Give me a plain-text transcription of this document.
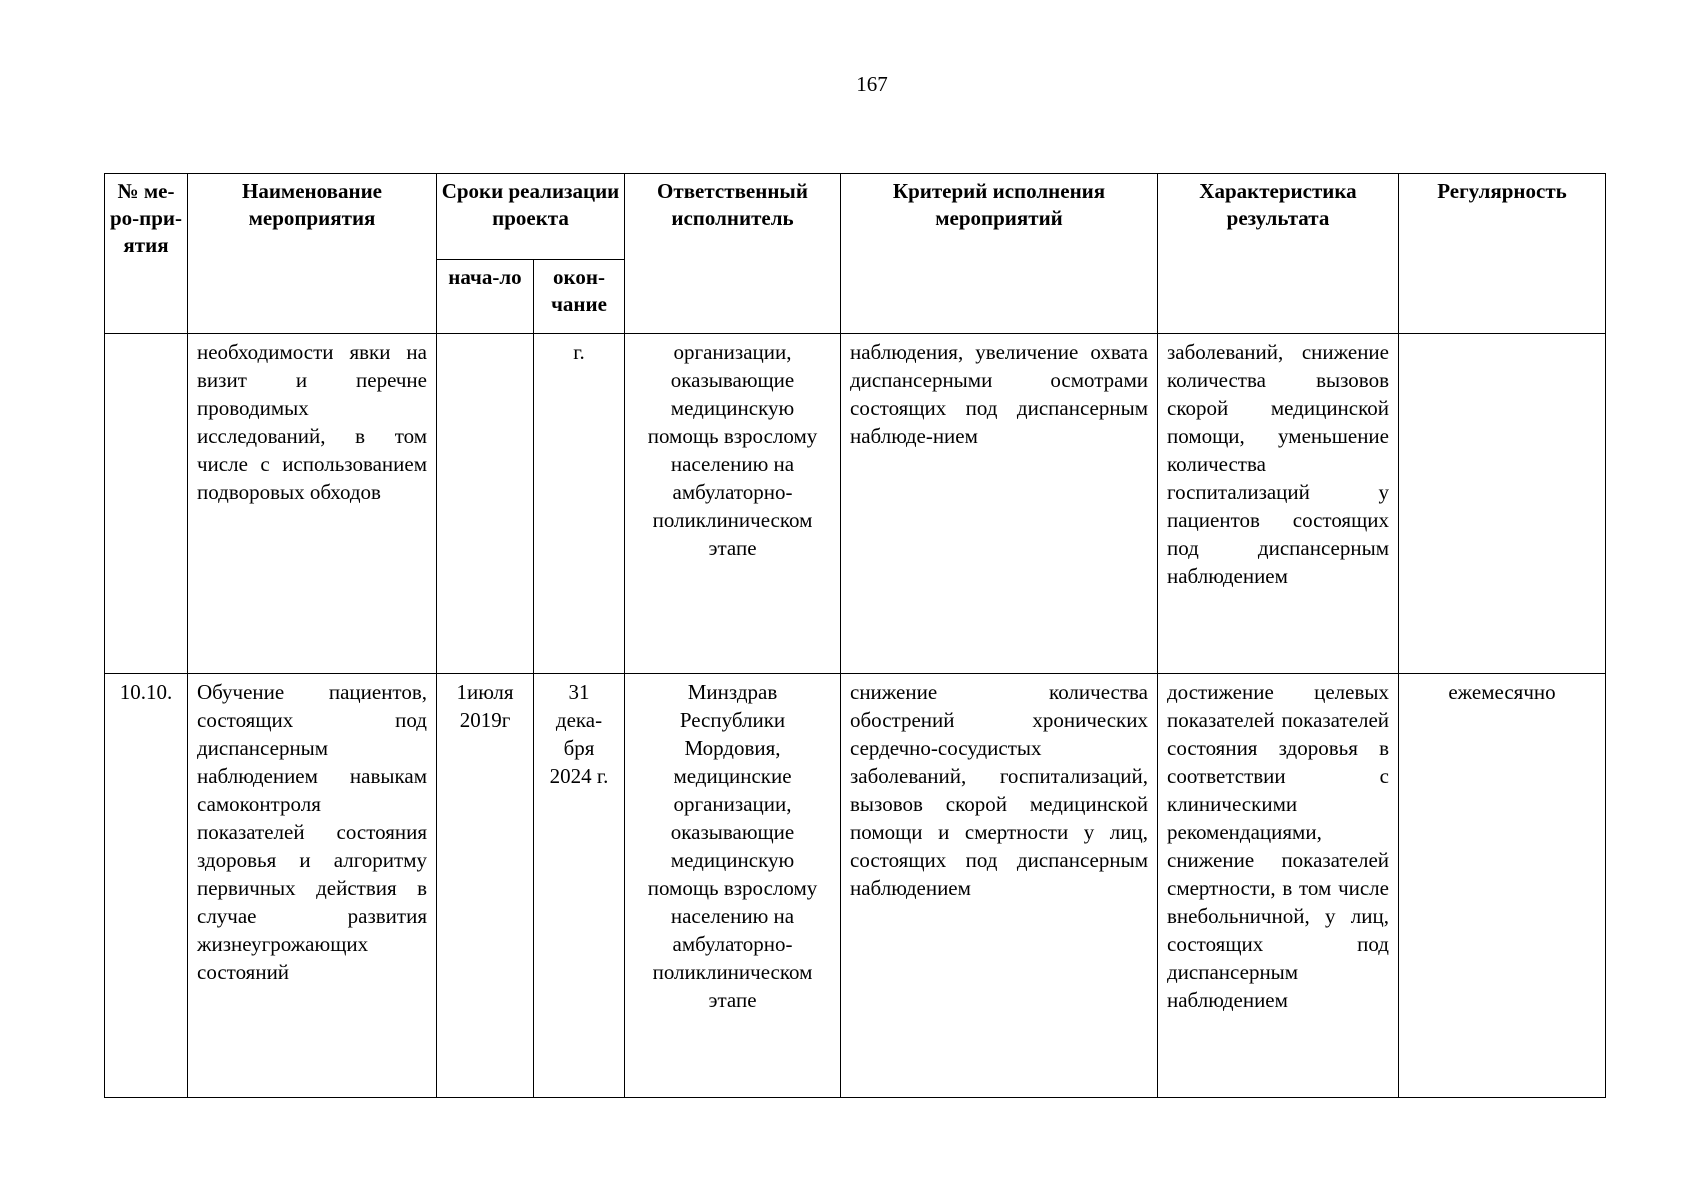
167
№ ме-ро-при-ятия	Наименование мероприятия	Сроки реализации проекта		Ответственный исполнитель	Критерий исполнения мероприятий	Характеристика результата	Регулярность
		нача-ло	окон-чание				
	необходимости явки на визит и перечне проводимых исследований, в том числе с использованием подворовых обходов		г.	организации, оказывающие медицинскую помощь взрослому населению на амбулаторно-поликлиническом этапе	наблюдения, увеличение охвата диспансерными осмотрами состоящих под диспансерным наблюде-нием	заболеваний, снижение количества вызовов скорой медицинской помощи, уменьшение количества госпитализаций у пациентов состоящих под диспансерным наблюдением	
10.10.	Обучение пациентов, состоящих под диспансерным наблюдением навыкам самоконтроля показателей состояния здоровья и алгоритму первичных действия в случае развития жизнеугрожающих состояний	1июля 2019г	31 дека-бря 2024 г.	Минздрав Республики Мордовия, медицинские организации, оказывающие медицинскую помощь взрослому населению на амбулаторно-поликлиническом этапе	снижение количества обострений хронических сердечно-сосудистых заболеваний, госпитализаций, вызовов скорой медицинской помощи и смертности у лиц, состоящих под диспансерным наблюдением	достижение целевых показателей показателей состояния здоровья в соответствии с клиническими рекомендациями, снижение показателей смертности, в том числе внебольничной, у лиц, состоящих под диспансерным наблюдением	ежемесячно
